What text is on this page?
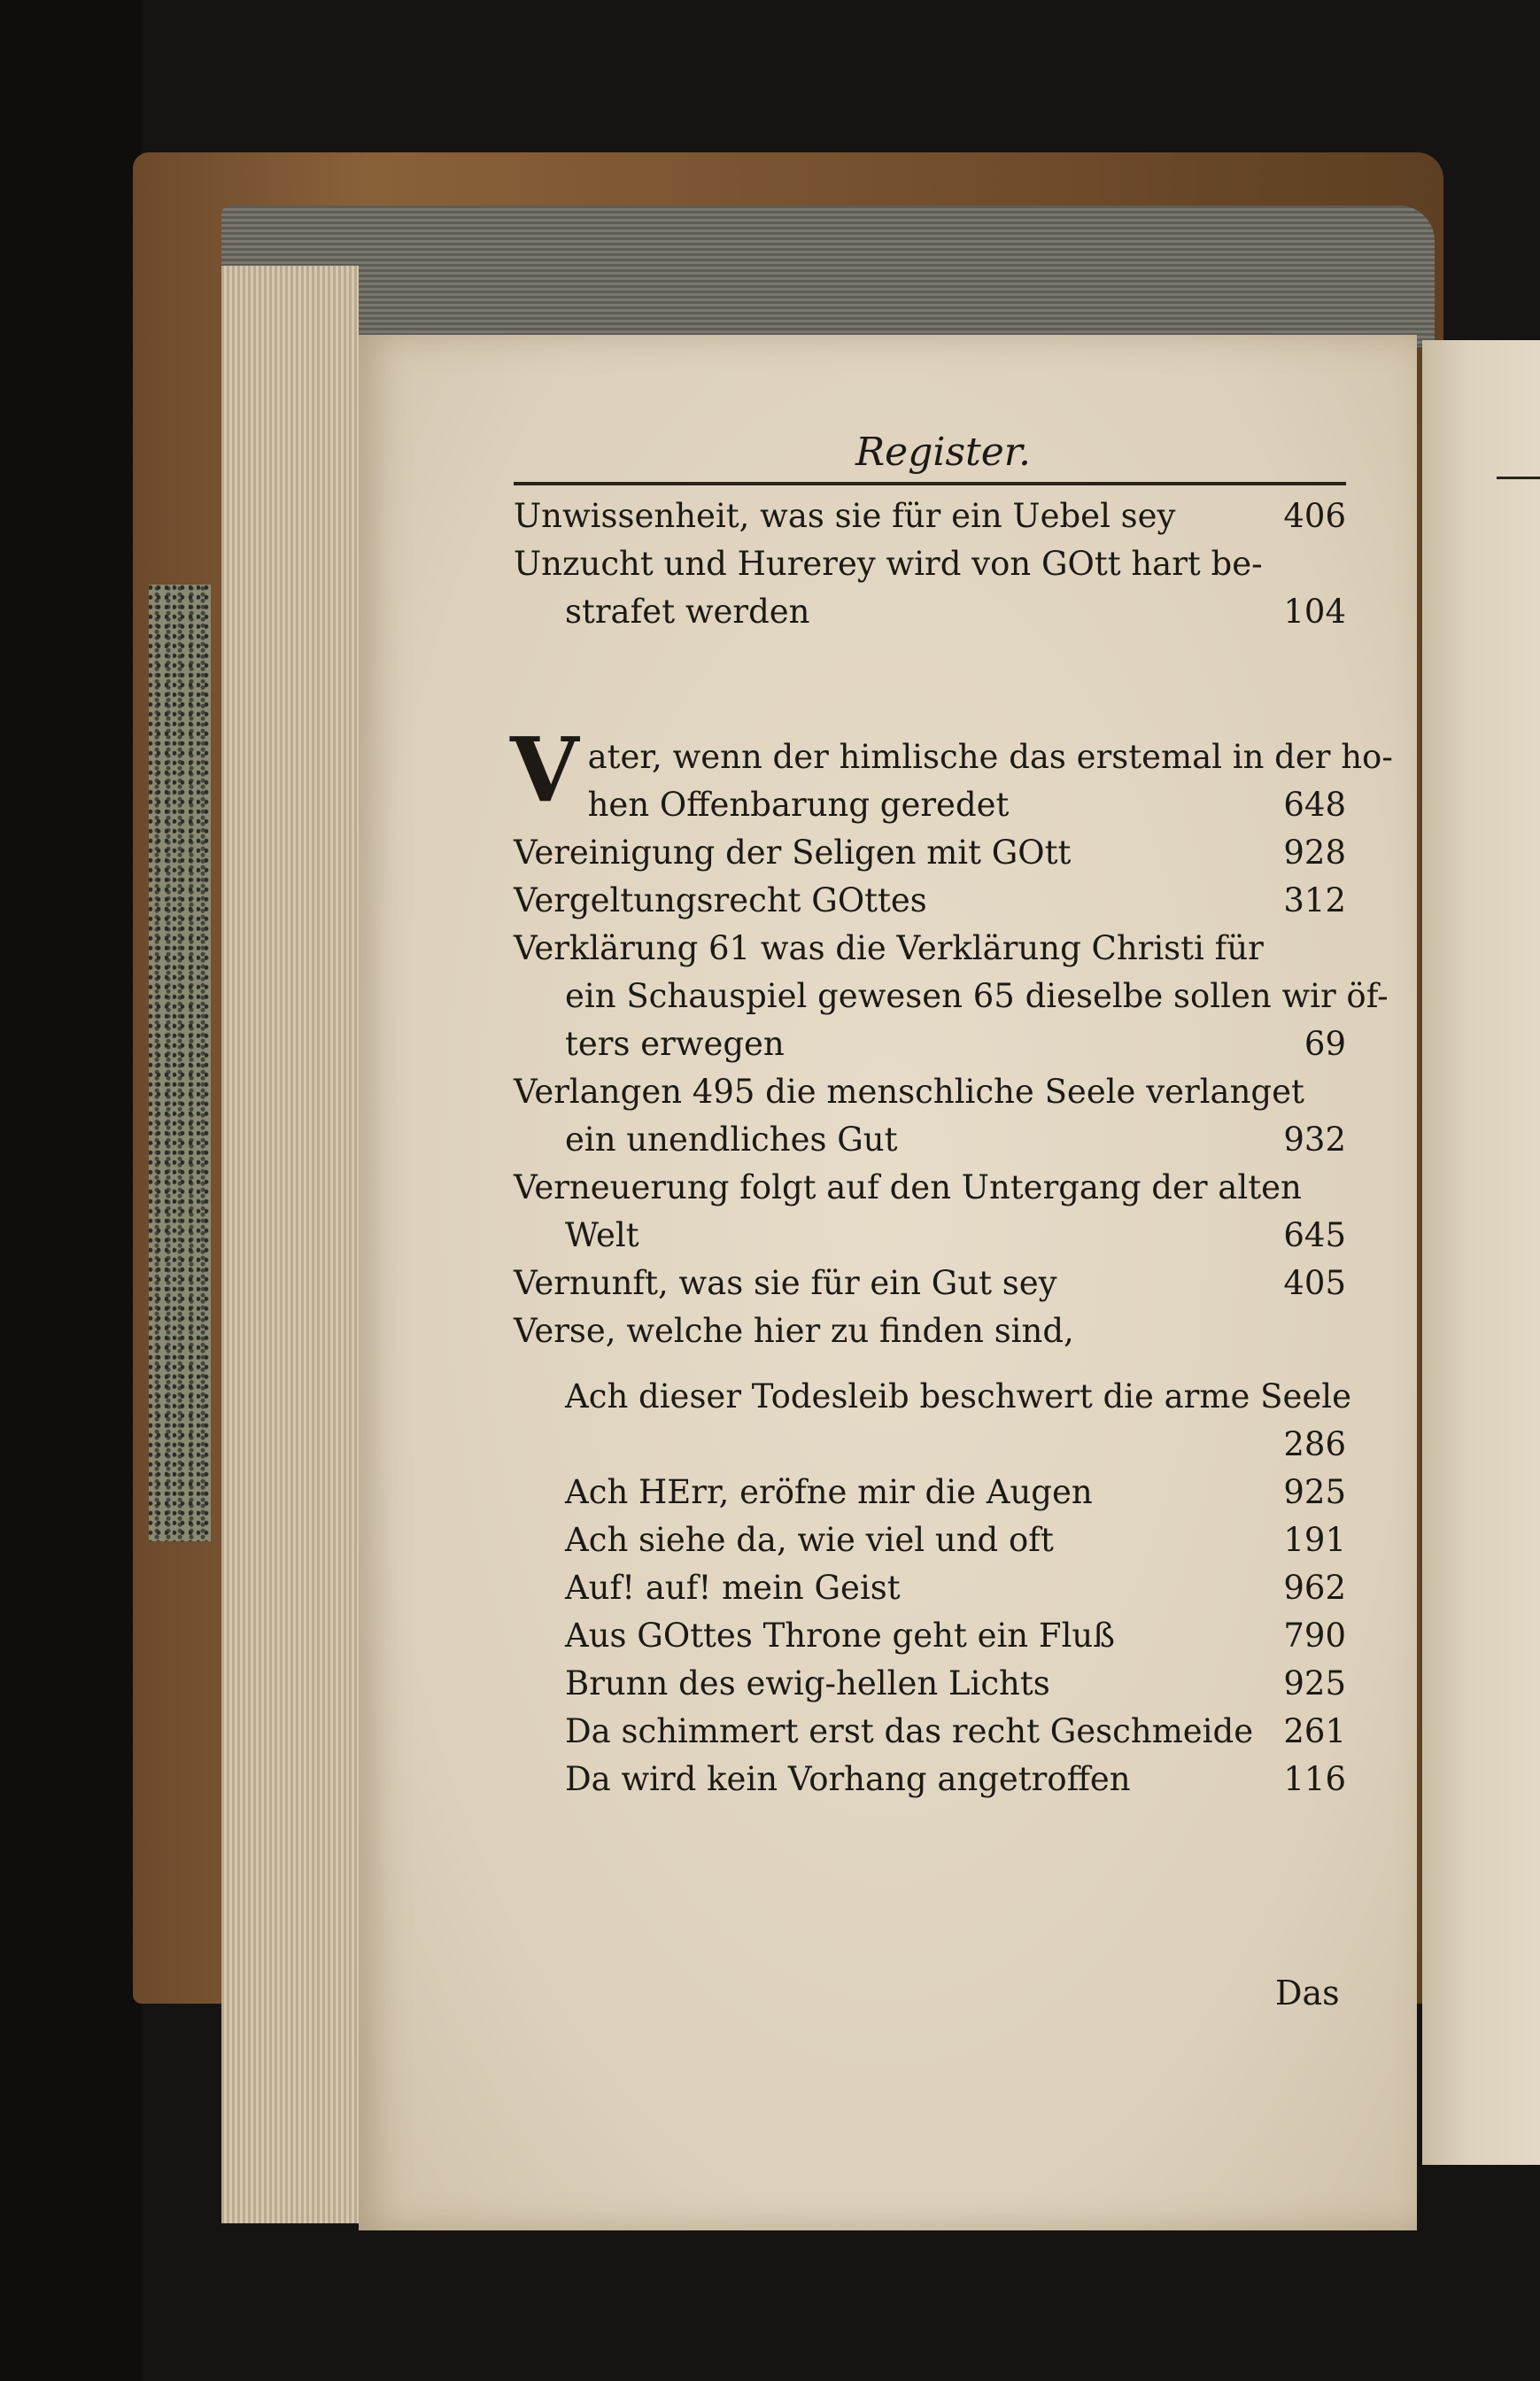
Register.
Unwissenheit, was sie für ein Uebel sey	406
Unzucht und Hurerey wird von GOtt hart be-
strafet werden	104
V ater, wenn der himlische das erstemal in der ho-
hen Offenbarung geredet	648
Vereinigung der Seligen mit GOtt	928
Vergeltungsrecht GOttes	312
Verklärung 61 was die Verklärung Christi für
ein Schauspiel gewesen 65 dieselbe sollen wir öf-
ters erwegen	69
Verlangen 495 die menschliche Seele verlanget
ein unendliches Gut	932
Verneuerung folgt auf den Untergang der alten
Welt	645
Vernunft, was sie für ein Gut sey	405
Verse, welche hier zu finden sind,
Ach dieser Todesleib beschwert die arme Seele

286
Ach HErr, eröfne mir die Augen	925
Ach siehe da, wie viel und oft	191
Auf! auf! mein Geist	962
Aus GOttes Throne geht ein Fluß	790
Brunn des ewig-hellen Lichts	925
Da schimmert erst das recht Geschmeide 261
Da wird kein Vorhang angetroffen	116
Das
